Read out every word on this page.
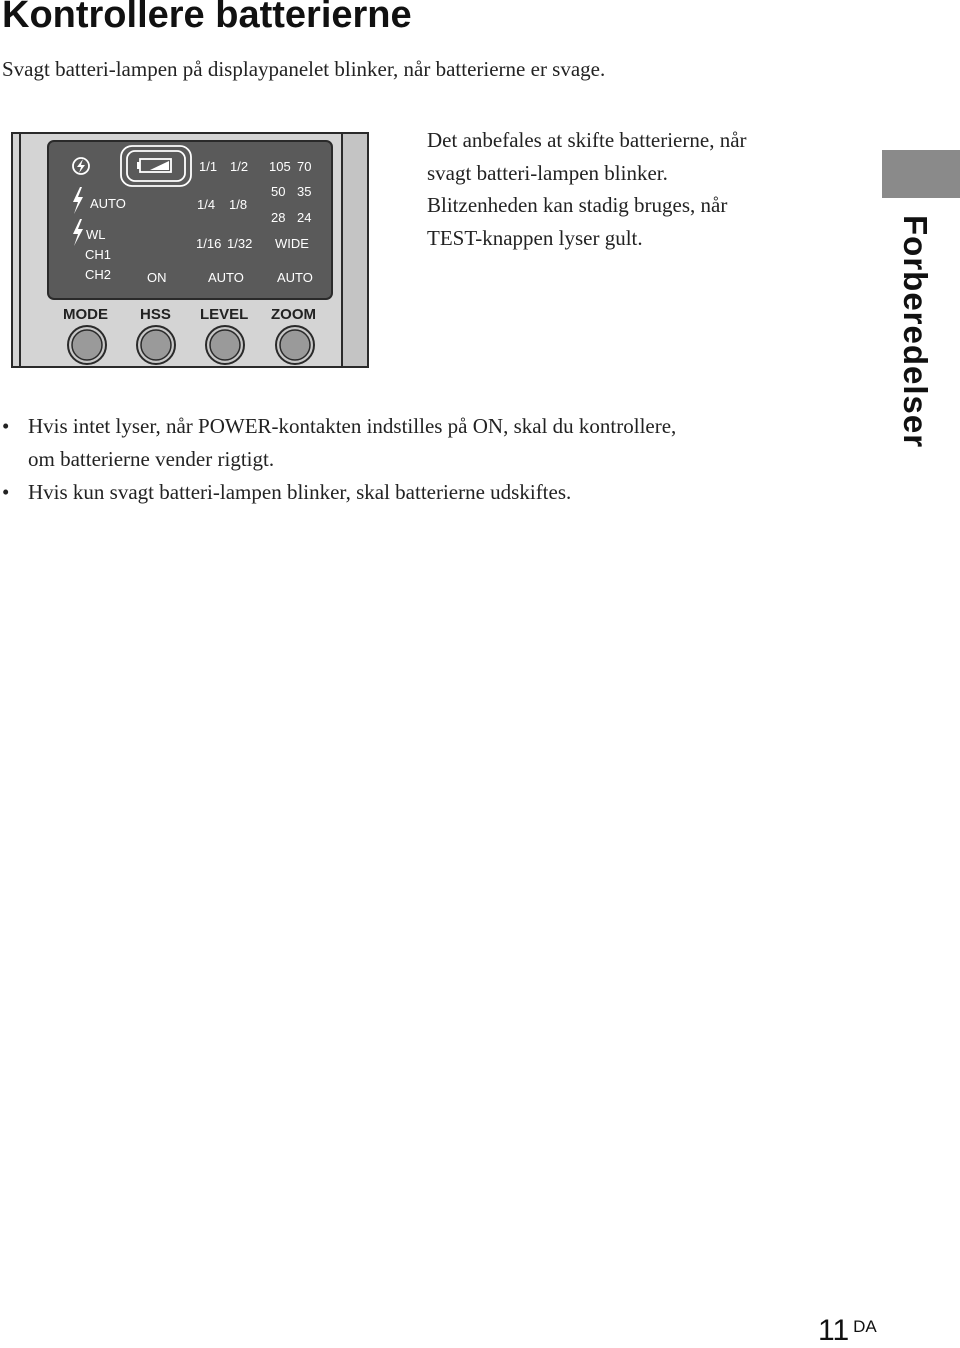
Kontrollere batterierne

Svagt batteri-lampen på displaypanelet blinker, når batterierne er svage.

Forberedelser
AUTO
WL
CH1
CH2
1/1 1/2
1/4 1/8
1/16 1/32
105 70
50 35
28 24
WIDE
ON	AUTO	AUTO
MODE HSS LEVEL ZOOM

Det anbefales at skifte batterierne, når
svagt batteri-lampen blinker.
Blitzenheden kan stadig bruges, når
TEST-knappen lyser gult.

• Hvis intet lyser, når POWER-kontakten indstilles på ON, skal du kontrollere,
om batterierne vender rigtigt.
• Hvis kun svagt batteri-lampen blinker, skal batterierne udskiftes.
11 $^{DA}$
